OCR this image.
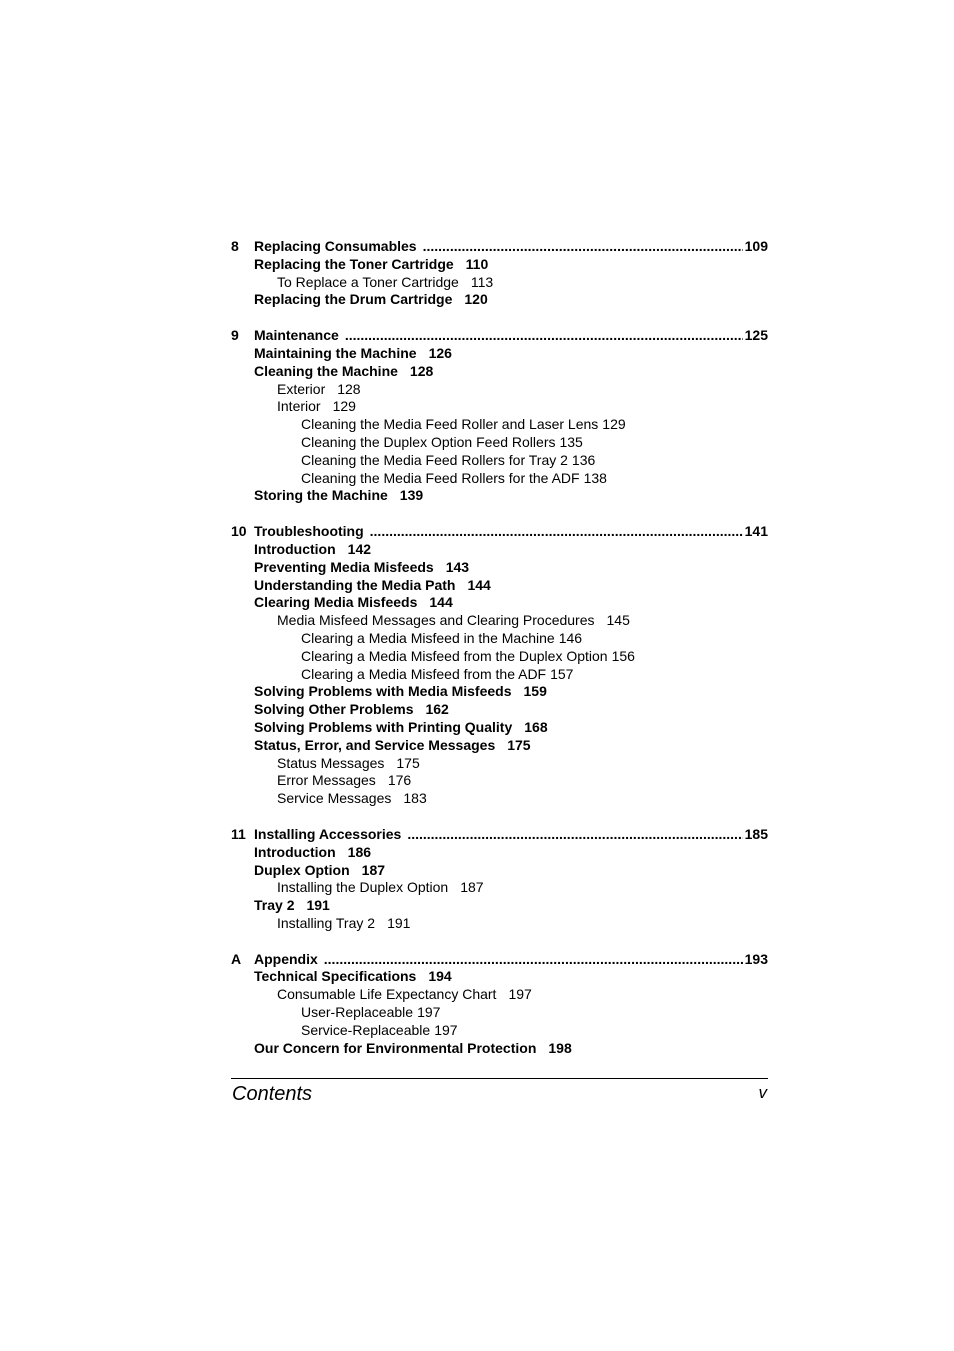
8	Replacing Consumables .....	109
Replacing the Toner Cartridge 110
To Replace a Toner Cartridge 113
Replacing the Drum Cartridge 120
9	Maintenance .....	125
Maintaining the Machine 126
Cleaning the Machine 128
Exterior 128
Interior 129
Cleaning the Media Feed Roller and Laser Lens 129
Cleaning the Duplex Option Feed Rollers 135
Cleaning the Media Feed Rollers for Tray 2 136
Cleaning the Media Feed Rollers for the ADF 138
Storing the Machine 139
10 Troubleshooting .....	141
Introduction 142
Preventing Media Misfeeds 143
Understanding the Media Path 144
Clearing Media Misfeeds 144
Media Misfeed Messages and Clearing Procedures 145
Clearing a Media Misfeed in the Machine 146
Clearing a Media Misfeed from the Duplex Option 156
Clearing a Media Misfeed from the ADF 157
Solving Problems with Media Misfeeds 159
Solving Other Problems 162
Solving Problems with Printing Quality 168
Status, Error, and Service Messages 175
Status Messages 175
Error Messages 176
Service Messages 183
11 Installing Accessories .....	185
Introduction 186
Duplex Option 187
Installing the Duplex Option 187
Tray 2 191
Installing Tray 2 191
A Appendix .....	193
Technical Specifications 194
Consumable Life Expectancy Chart 197
User-Replaceable 197
Service-Replaceable 197
Our Concern for Environmental Protection 198
Contents	v
